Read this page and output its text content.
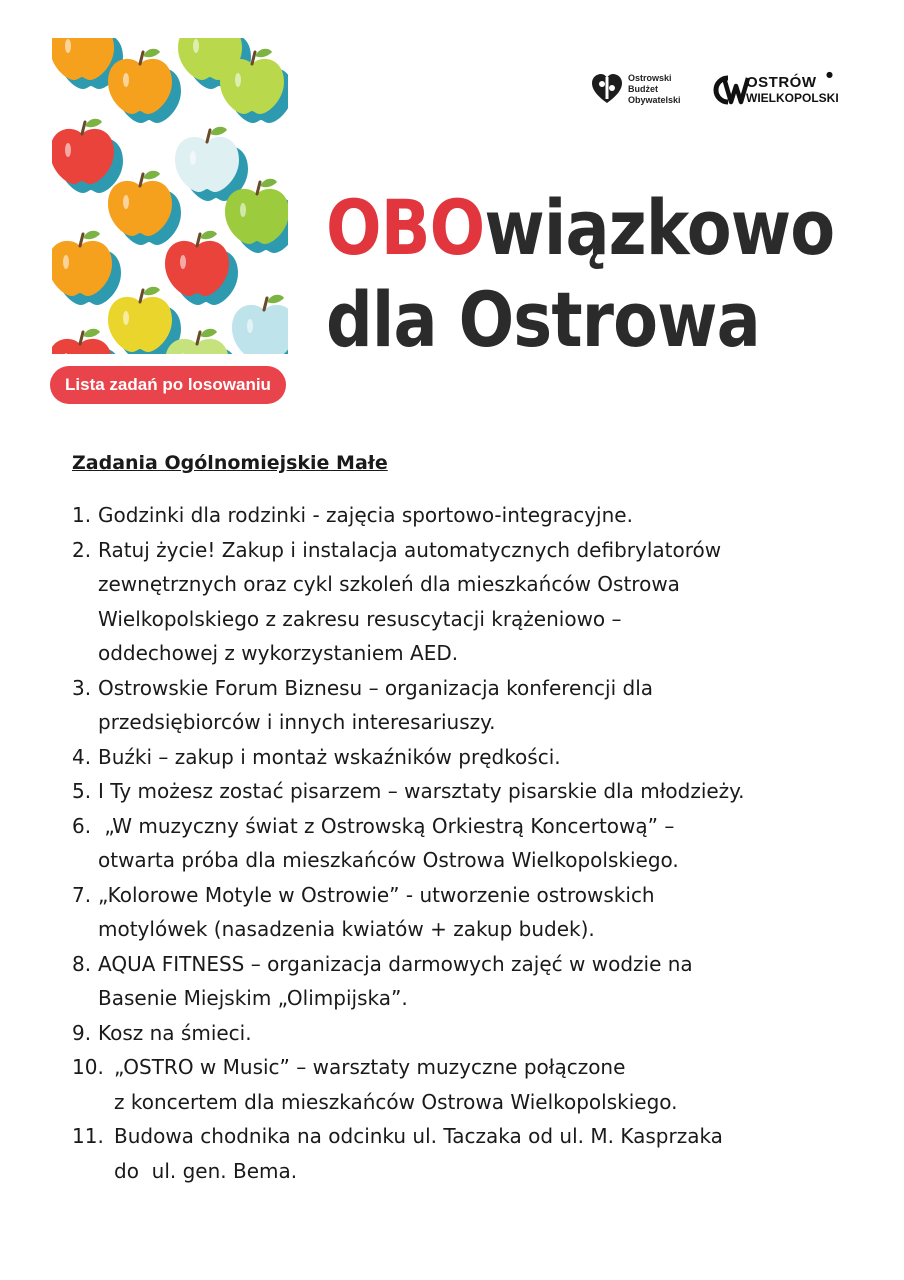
Lista zadań po losowaniu
Ostrowski
Budżet
Obywatelski
OSTRÓW
WIELKOPOLSKI
●
OBOwiązkowo
dla Ostrowa
Zadania Ogólnomiejskie Małe
1. Godzinki dla rodzinki - zajęcia sportowo-integracyjne.
2. Ratuj życie! Zakup i instalacja automatycznych defibrylatorów
zewnętrznych oraz cykl szkoleń dla mieszkańców Ostrowa
Wielkopolskiego z zakresu resuscytacji krążeniowo –
oddechowej z wykorzystaniem AED.
3. Ostrowskie Forum Biznesu – organizacja konferencji dla
przedsiębiorców i innych interesariuszy.
4. Buźki – zakup i montaż wskaźników prędkości.
5. I Ty możesz zostać pisarzem – warsztaty pisarskie dla młodzieży.
6. „W muzyczny świat z Ostrowską Orkiestrą Koncertową” –
otwarta próba dla mieszkańców Ostrowa Wielkopolskiego.
7. „Kolorowe Motyle w Ostrowie” - utworzenie ostrowskich
motylówek (nasadzenia kwiatów + zakup budek).
8. AQUA FITNESS – organizacja darmowych zajęć w wodzie na
Basenie Miejskim „Olimpijska”.
9. Kosz na śmieci.
10. „OSTRO w Music” – warsztaty muzyczne połączone
z koncertem dla mieszkańców Ostrowa Wielkopolskiego.
11. Budowa chodnika na odcinku ul. Taczaka od ul. M. Kasprzaka
do  ul. gen. Bema.
